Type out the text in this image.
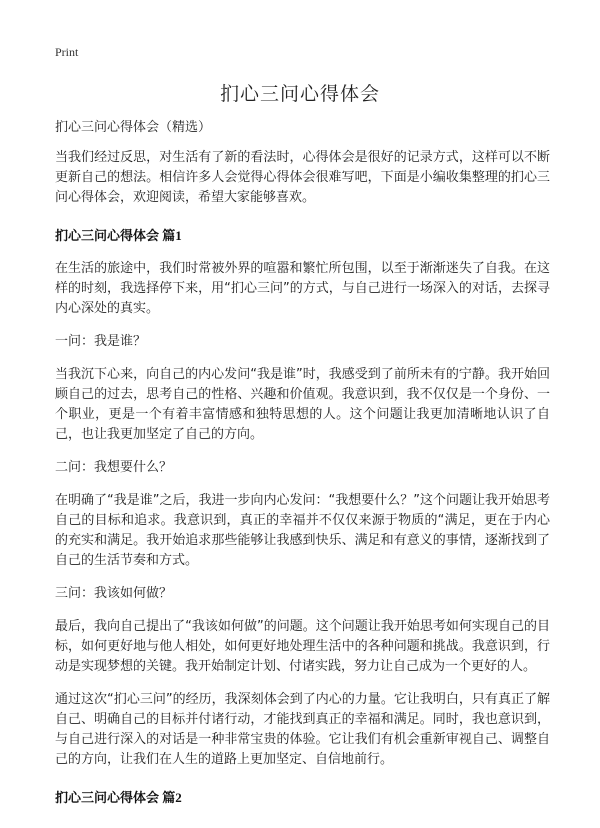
Print
扪心三问心得体会

扪心三问心得体会（精选）

当我们经过反思，对生活有了新的看法时，心得体会是很好的记录方式，这样可以不断更新自己的想法。相信许多人会觉得心得体会很难写吧，下面是小编收集整理的扪心三问心得体会，欢迎阅读，希望大家能够喜欢。

扪心三问心得体会 篇1

在生活的旅途中，我们时常被外界的喧嚣和繁忙所包围，以至于渐渐迷失了自我。在这样的时刻，我选择停下来，用“扪心三问”的方式，与自己进行一场深入的对话，去探寻内心深处的真实。

一问：我是谁？

当我沉下心来，向自己的内心发问“我是谁”时，我感受到了前所未有的宁静。我开始回顾自己的过去，思考自己的性格、兴趣和价值观。我意识到，我不仅仅是一个身份、一个职业，更是一个有着丰富情感和独特思想的人。这个问题让我更加清晰地认识了自己，也让我更加坚定了自己的方向。

二问：我想要什么？

在明确了“我是谁”之后，我进一步向内心发问：“我想要什么？”这个问题让我开始思考自己的目标和追求。我意识到，真正的幸福并不仅仅来源于物质的“满足，更在于内心的充实和满足。我开始追求那些能够让我感到快乐、满足和有意义的事情，逐渐找到了自己的生活节奏和方式。

三问：我该如何做？

最后，我向自己提出了“我该如何做”的问题。这个问题让我开始思考如何实现自己的目标，如何更好地与他人相处，如何更好地处理生活中的各种问题和挑战。我意识到，行动是实现梦想的关键。我开始制定计划、付诸实践，努力让自己成为一个更好的人。

通过这次“扪心三问”的经历，我深刻体会到了内心的力量。它让我明白，只有真正了解自己、明确自己的目标并付诸行动，才能找到真正的幸福和满足。同时，我也意识到，与自己进行深入的对话是一种非常宝贵的体验。它让我们有机会重新审视自己、调整自己的方向，让我们在人生的道路上更加坚定、自信地前行。

扪心三问心得体会 篇2
